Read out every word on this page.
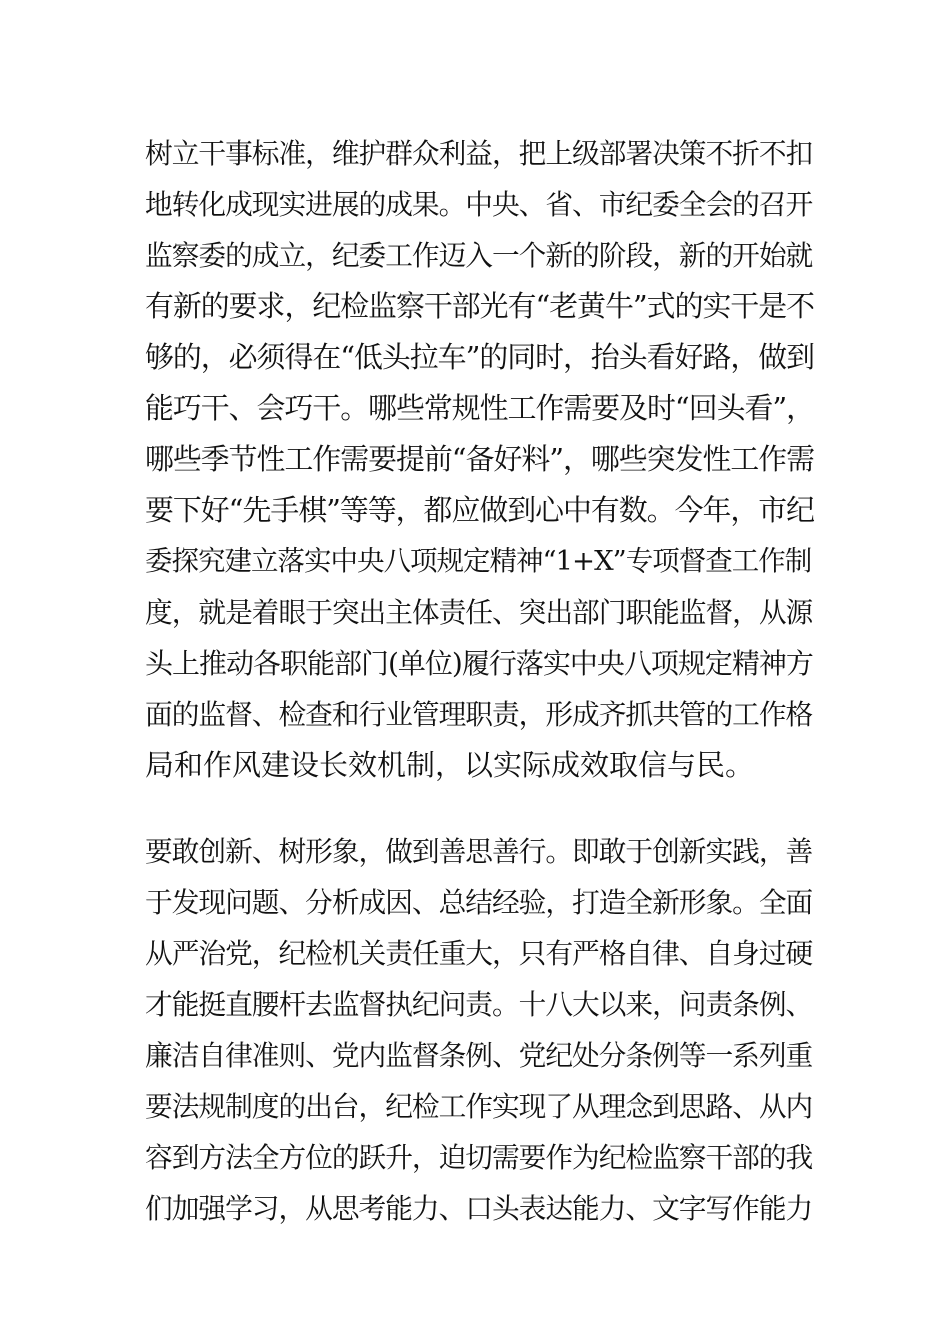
树立干事标准，维护群众利益，把上级部署决策不折不扣
地转化成现实进展的成果。中央、省、市纪委全会的召开
监察委的成立，纪委工作迈入一个新的阶段，新的开始就
有新的要求，纪检监察干部光有“老黄牛”式的实干是不
够的，必须得在“低头拉车”的同时，抬头看好路，做到
能巧干、会巧干。哪些常规性工作需要及时“回头看”，
哪些季节性工作需要提前“备好料”，哪些突发性工作需
要下好“先手棋”等等，都应做到心中有数。今年，市纪
委探究建立落实中央八项规定精神“1+X”专项督查工作制
度，就是着眼于突出主体责任、突出部门职能监督，从源
头上推动各职能部门(单位)履行落实中央八项规定精神方
面的监督、检查和行业管理职责，形成齐抓共管的工作格
局和作风建设长效机制，以实际成效取信与民。
要敢创新、树形象，做到善思善行。即敢于创新实践，善
于发现问题、分析成因、总结经验，打造全新形象。全面
从严治党，纪检机关责任重大，只有严格自律、自身过硬
才能挺直腰杆去监督执纪问责。十八大以来，问责条例、
廉洁自律准则、党内监督条例、党纪处分条例等一系列重
要法规制度的出台，纪检工作实现了从理念到思路、从内
容到方法全方位的跃升，迫切需要作为纪检监察干部的我
们加强学习，从思考能力、口头表达能力、文字写作能力
